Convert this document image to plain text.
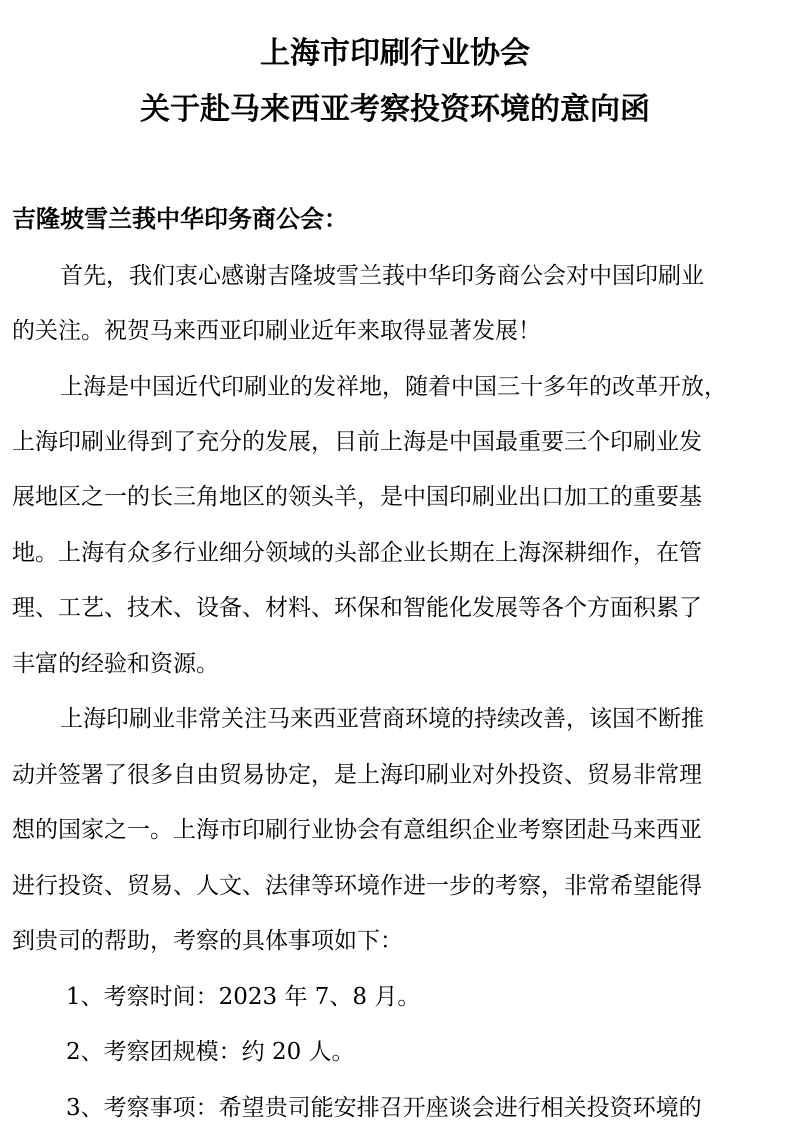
上海市印刷行业协会
关于赴马来西亚考察投资环境的意向函
吉隆坡雪兰莪中华印务商公会：
首先，我们衷心感谢吉隆坡雪兰莪中华印务商公会对中国印刷业
的关注。祝贺马来西亚印刷业近年来取得显著发展！
上海是中国近代印刷业的发祥地，随着中国三十多年的改革开放，
上海印刷业得到了充分的发展，目前上海是中国最重要三个印刷业发
展地区之一的长三角地区的领头羊，是中国印刷业出口加工的重要基
地。上海有众多行业细分领域的头部企业长期在上海深耕细作，在管
理、工艺、技术、设备、材料、环保和智能化发展等各个方面积累了
丰富的经验和资源。
上海印刷业非常关注马来西亚营商环境的持续改善，该国不断推
动并签署了很多自由贸易协定，是上海印刷业对外投资、贸易非常理
想的国家之一。上海市印刷行业协会有意组织企业考察团赴马来西亚
进行投资、贸易、人文、法律等环境作进一步的考察，非常希望能得
到贵司的帮助，考察的具体事项如下：
1、考察时间：2023 年 7、8 月。
2、考察团规模：约 20 人。
3、考察事项：希望贵司能安排召开座谈会进行相关投资环境的
